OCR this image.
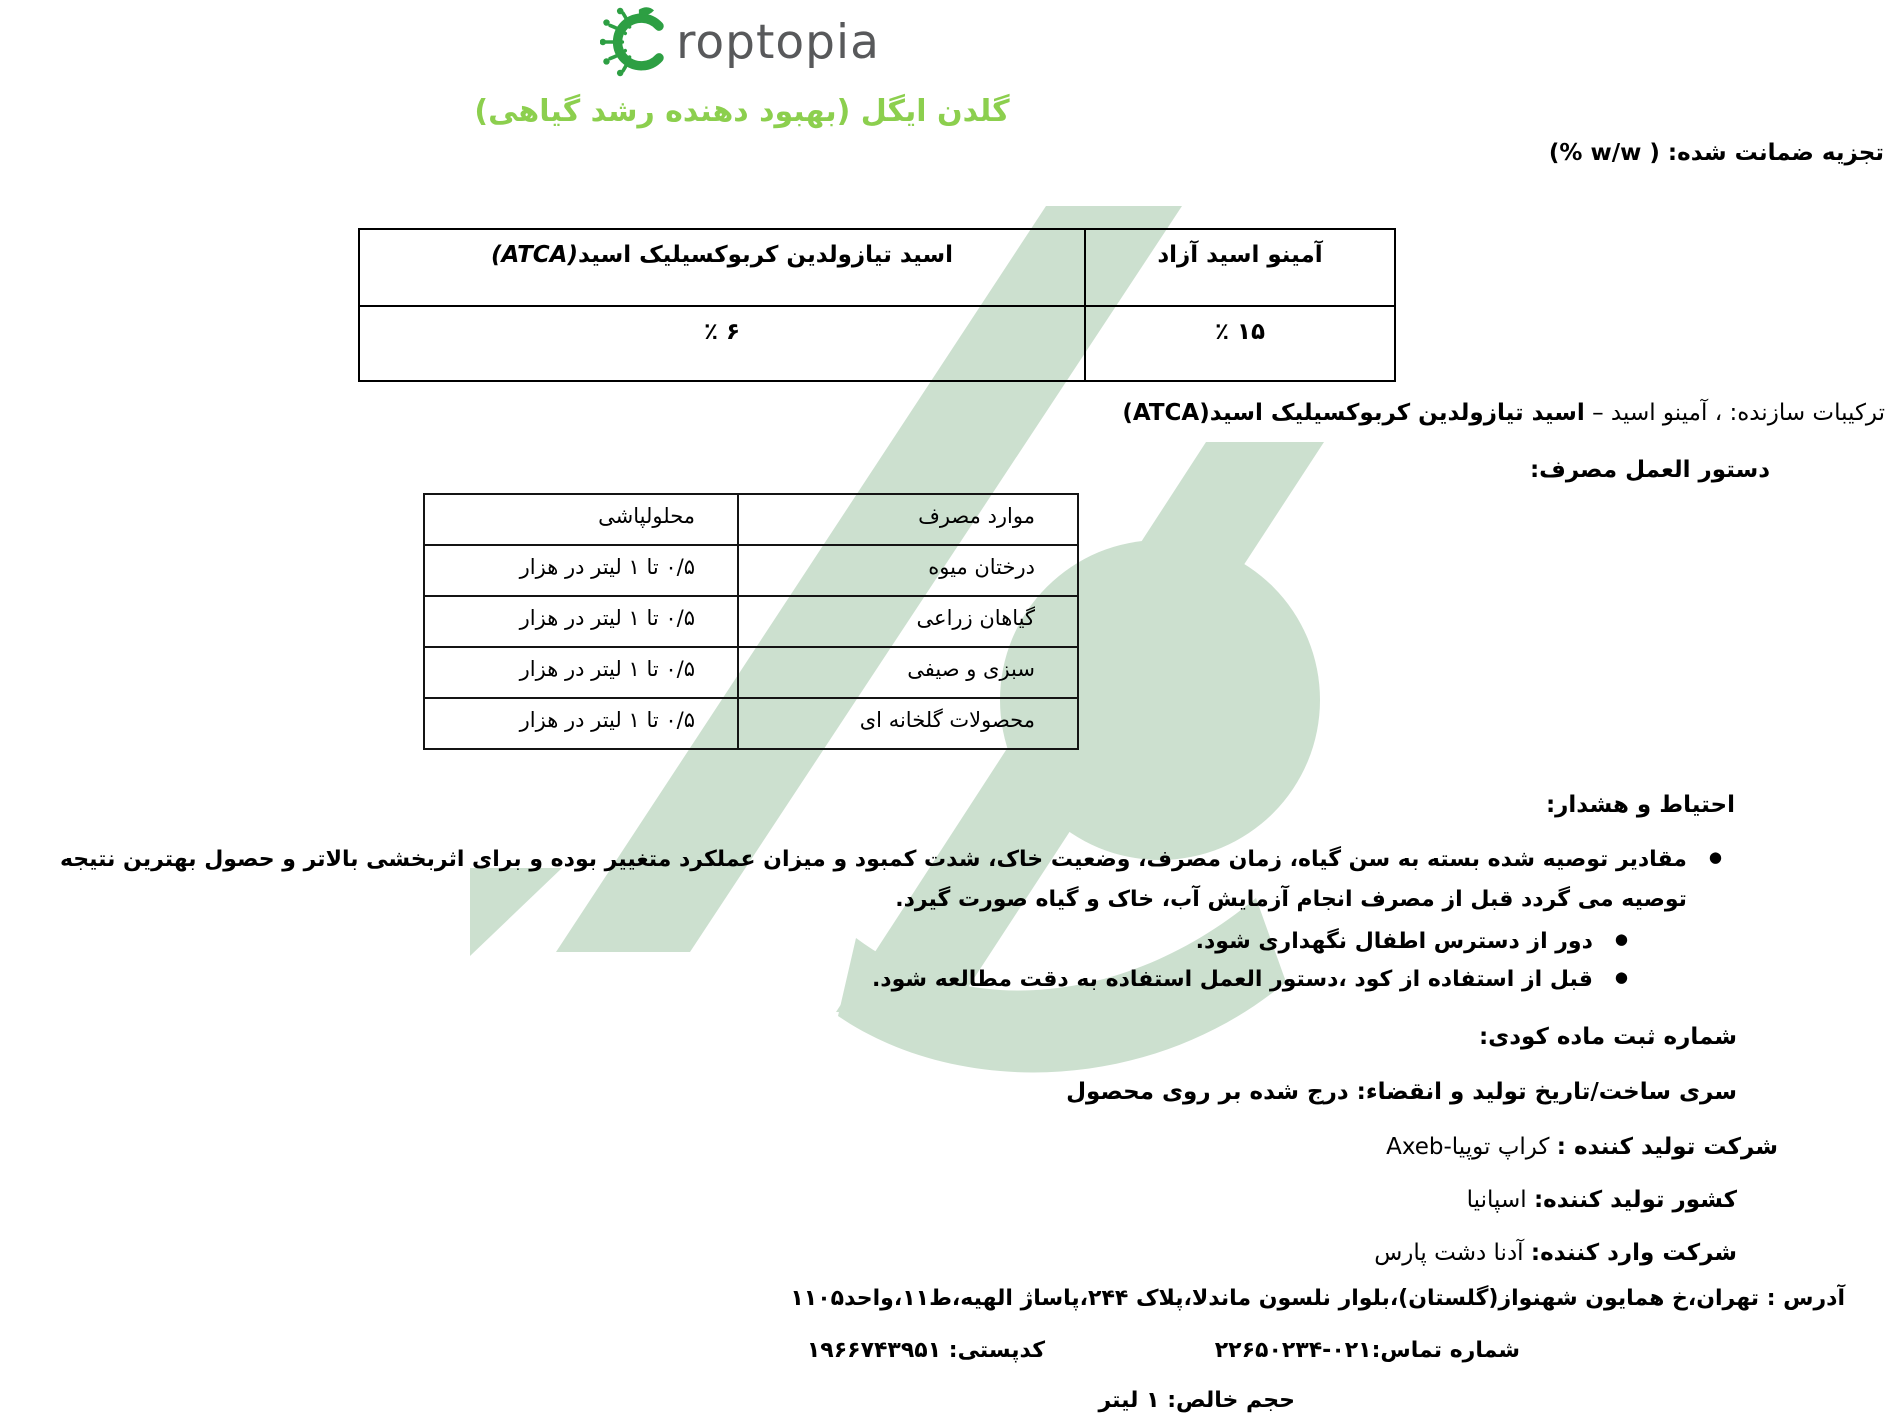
roptopia
گلدن ایگل (بهبود دهنده رشد گیاهی)
تجزیه ضمانت شده: ( w/w %)
آمینو اسید آزاد	اسید تیازولدین کربوکسیلیک اسید(ATCA)
۱۵ ٪	۶ ٪
ترکیبات سازنده: ، آمینو اسید – اسید تیازولدین کربوکسیلیک اسید(ATCA)
دستور العمل مصرف:
موارد مصرف	محلولپاشی
درختان میوه	۰/۵ تا ۱ لیتر در هزار
گیاهان زراعی	۰/۵ تا ۱ لیتر در هزار
سبزی و صیفی	۰/۵ تا ۱ لیتر در هزار
محصولات گلخانه ای	۰/۵ تا ۱ لیتر در هزار
احتیاط و هشدار:
●
مقادیر توصیه شده بسته به سن گیاه، زمان مصرف، وضعیت خاک، شدت کمبود و میزان عملکرد متغییر بوده و برای اثربخشی بالاتر و حصول بهترین نتیجه توصیه می گردد قبل از مصرف انجام آزمایش آب، خاک و گیاه صورت گیرد.
●
دور از دسترس اطفال نگهداری شود.
●
قبل از استفاده از کود ،دستور العمل استفاده به دقت مطالعه شود.
شماره ثبت ماده کودی:
سری ساخت/تاریخ تولید و انقضاء: درج شده بر روی محصول
شرکت تولید کننده : کراپ توپیا-Axeb
کشور تولید کننده: اسپانیا
شرکت وارد کننده: آدنا دشت پارس
آدرس : تهران،خ همایون شهنواز(گلستان)،بلوار نلسون ماندلا،پلاک ۲۴۴،پاساژ الهیه،ط۱۱،واحد۱۱۰۵
شماره تماس:۰۲۱-۲۲۶۵۰۲۳۴
کدپستی: ۱۹۶۶۷۴۳۹۵۱
حجم خالص: ۱ لیتر
